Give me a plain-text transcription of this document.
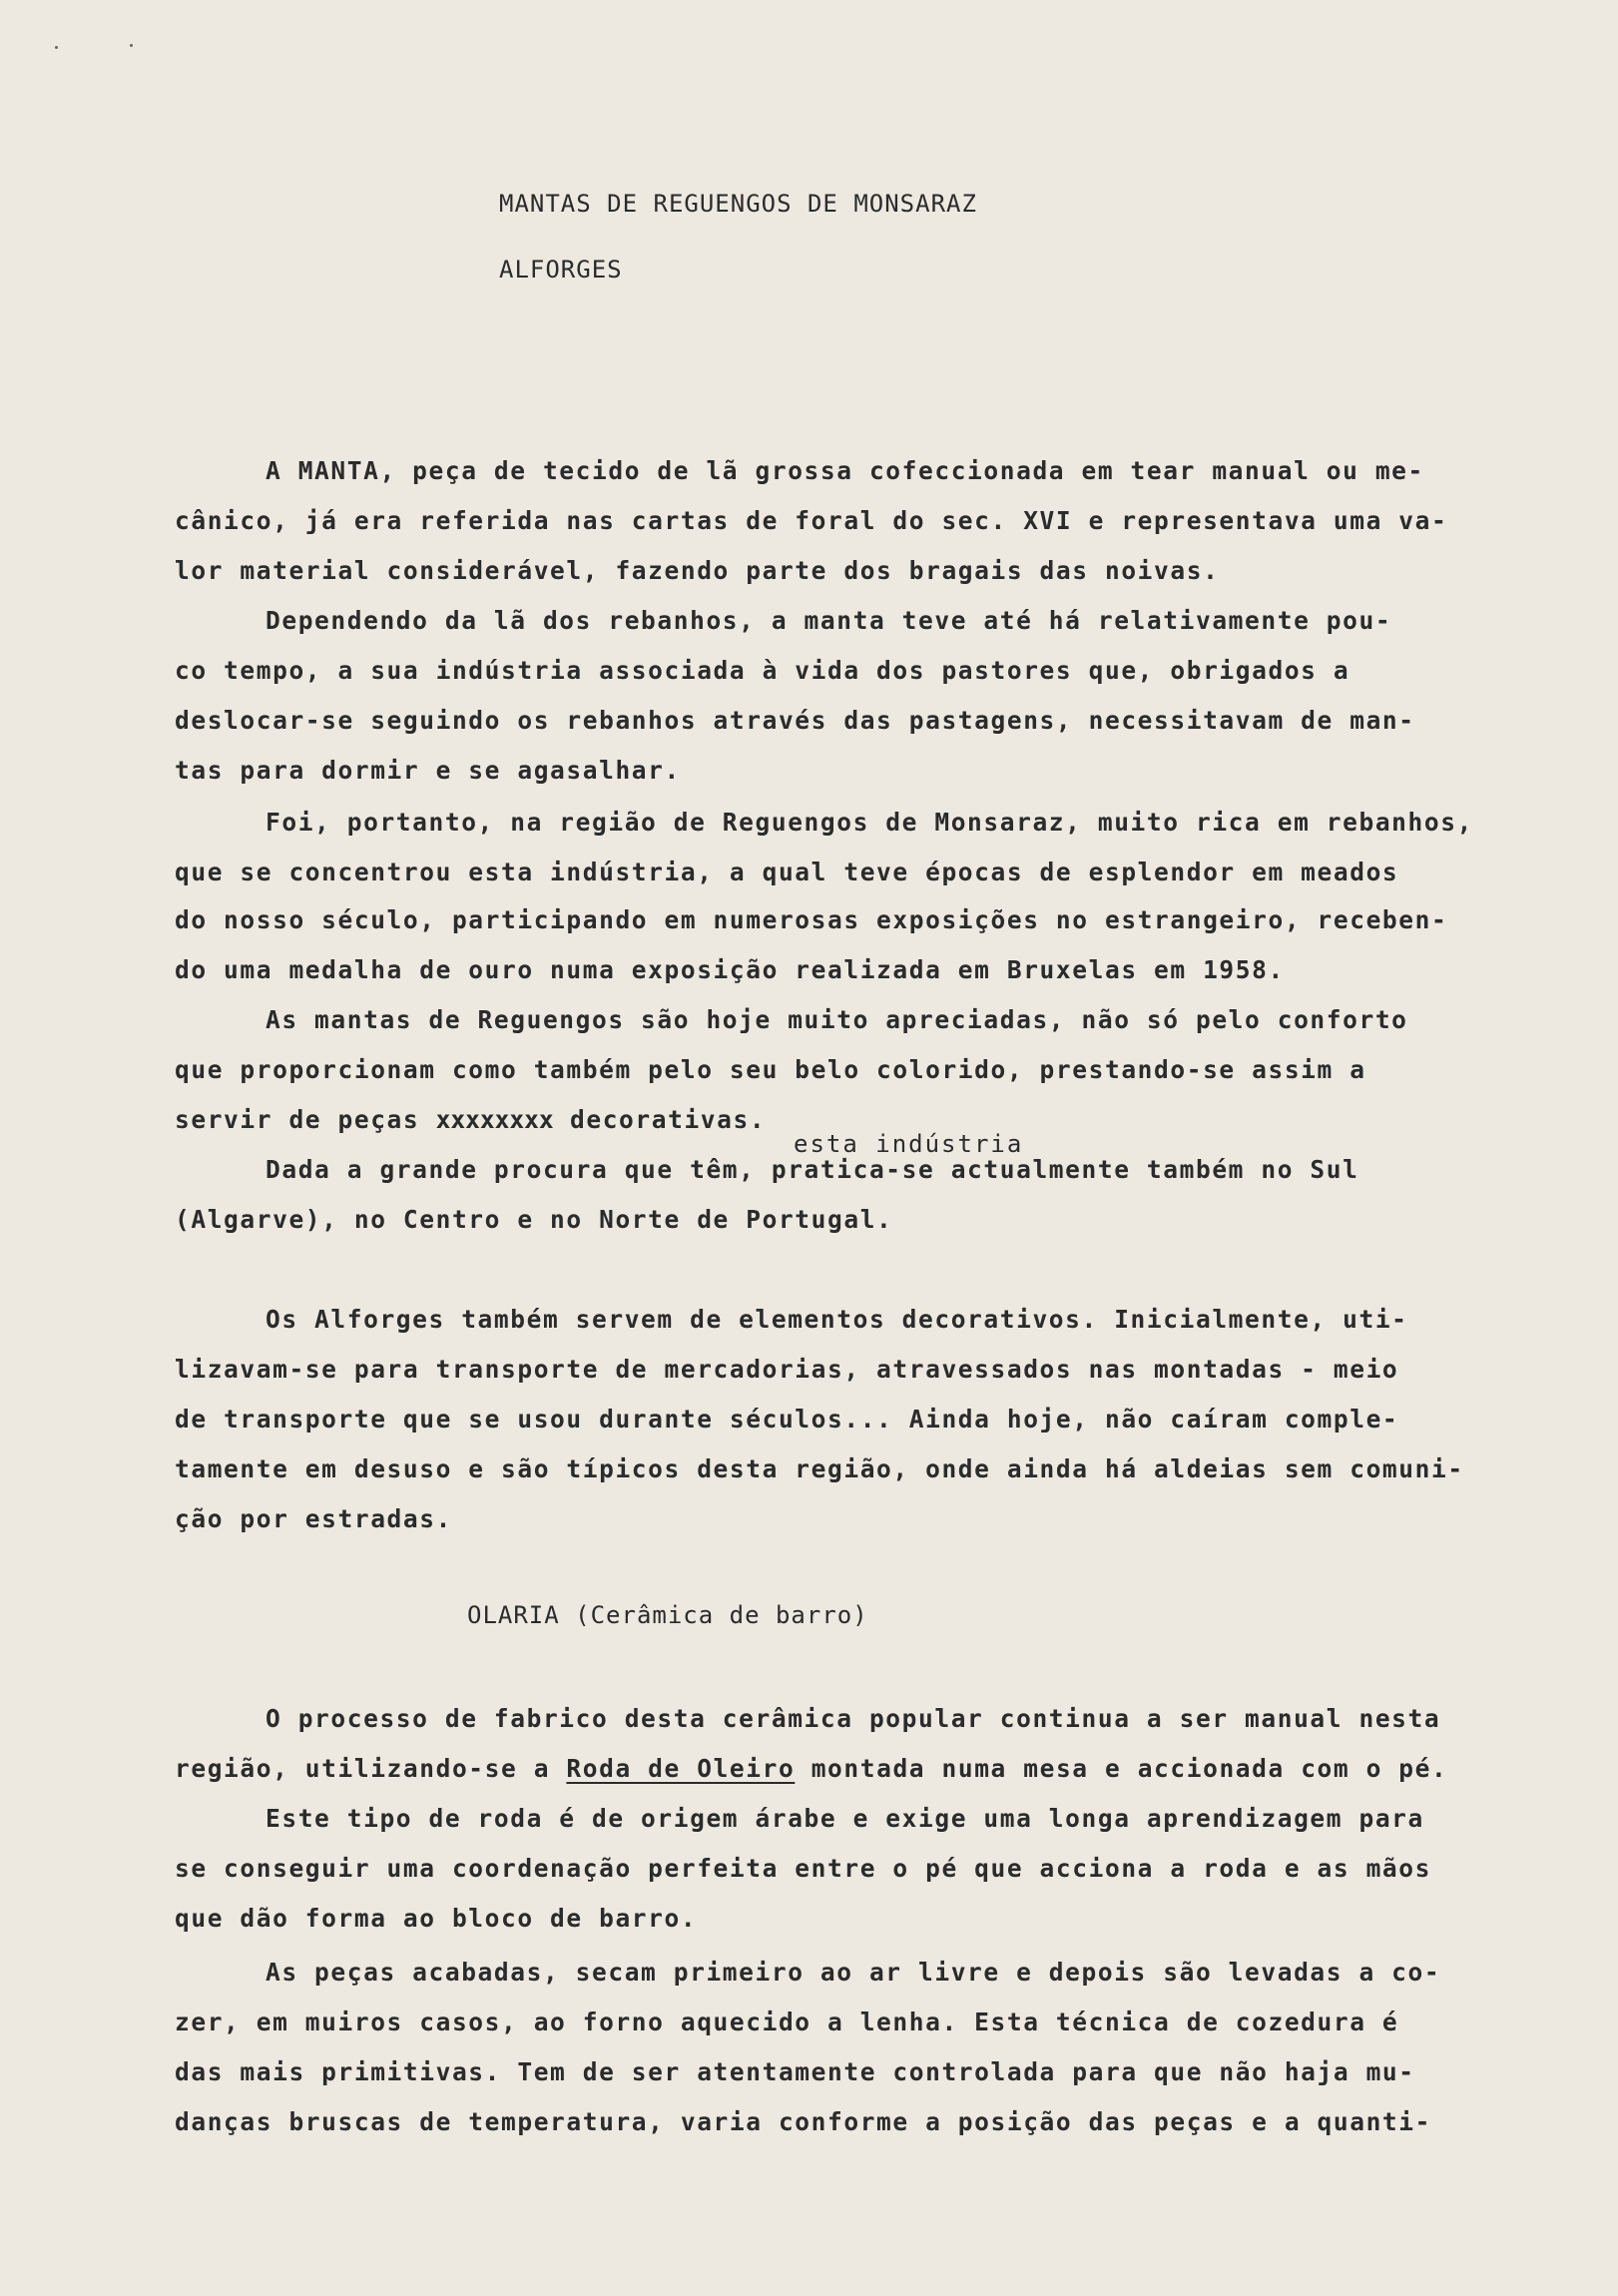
MANTAS DE REGUENGOS DE MONSARAZ
ALFORGES
A MANTA, peça de tecido de lã grossa cofeccionada em tear manual ou me-
cânico, já era referida nas cartas de foral do sec. XVI e representava uma va-
lor material considerável, fazendo parte dos bragais das noivas.
Dependendo da lã dos rebanhos, a manta teve até há relativamente pou-
co tempo, a sua indústria associada à vida dos pastores que, obrigados a
deslocar-se seguindo os rebanhos através das pastagens, necessitavam de man-
tas para dormir e se agasalhar.
Foi, portanto, na região de Reguengos de Monsaraz, muito rica em rebanhos,
que se concentrou esta indústria, a qual teve épocas de esplendor em meados
do nosso século, participando em numerosas exposições no estrangeiro, receben-
do uma medalha de ouro numa exposição realizada em Bruxelas em 1958.
As mantas de Reguengos são hoje muito apreciadas, não só pelo conforto
que proporcionam como também pelo seu belo colorido, prestando-se assim a
servir de peças xxxxxxxx decorativas.
esta indústria
Dada a grande procura que têm, pratica-se actualmente também no Sul
(Algarve), no Centro e no Norte de Portugal.
Os Alforges também servem de elementos decorativos. Inicialmente, uti-
lizavam-se para transporte de mercadorias, atravessados nas montadas - meio
de transporte que se usou durante séculos... Ainda hoje, não caíram comple-
tamente em desuso e são típicos desta região, onde ainda há aldeias sem comuni-
ção por estradas.
OLARIA (Cerâmica de barro)
O processo de fabrico desta cerâmica popular continua a ser manual nesta
região, utilizando-se a Roda de Oleiro montada numa mesa e accionada com o pé.
Este tipo de roda é de origem árabe e exige uma longa aprendizagem para
se conseguir uma coordenação perfeita entre o pé que acciona a roda e as mãos
que dão forma ao bloco de barro.
As peças acabadas, secam primeiro ao ar livre e depois são levadas a co-
zer, em muiros casos, ao forno aquecido a lenha. Esta técnica de cozedura é
das mais primitivas. Tem de ser atentamente controlada para que não haja mu-
danças bruscas de temperatura, varia conforme a posição das peças e a quanti-
